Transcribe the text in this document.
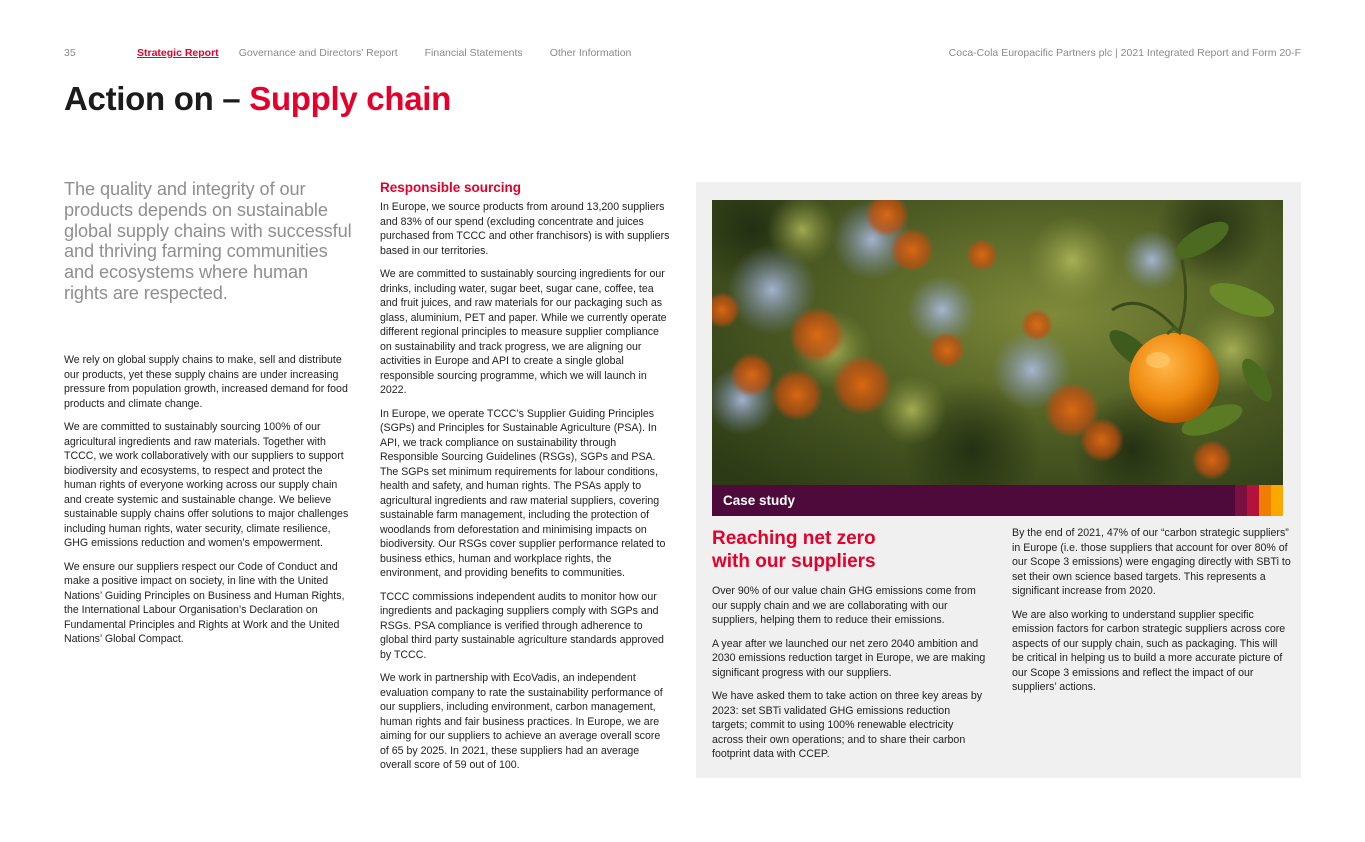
35	Strategic Report Governance and Directors’ Report	Financial Statements	Other Information	Coca-Cola Europacific Partners plc | 2021 Integrated Report and Form 20-F
Action on – Supply chain

The quality and integrity of our products depends on sustainable global supply chains with successful and thriving farming communities and ecosystems where human rights are respected.

We rely on global supply chains to make, sell and distribute our products, yet these supply chains are under increasing pressure from population growth, increased demand for food products and climate change.

We are committed to sustainably sourcing 100% of our agricultural ingredients and raw materials. Together with TCCC, we work collaboratively with our suppliers to support biodiversity and ecosystems, to respect and protect the human rights of everyone working across our supply chain and create systemic and sustainable change. We believe sustainable supply chains offer solutions to major challenges including human rights, water security, climate resilience, GHG emissions reduction and women’s empowerment.

We ensure our suppliers respect our Code of Conduct and make a positive impact on society, in line with the United Nations’ Guiding Principles on Business and Human Rights, the International Labour Organisation’s Declaration on Fundamental Principles and Rights at Work and the United Nations’ Global Compact.

Responsible sourcing

In Europe, we source products from around 13,200 suppliers and 83% of our spend (excluding concentrate and juices purchased from TCCC and other franchisors) is with suppliers based in our territories.

We are committed to sustainably sourcing ingredients for our drinks, including water, sugar beet, sugar cane, coffee, tea and fruit juices, and raw materials for our packaging such as glass, aluminium, PET and paper. While we currently operate different regional principles to measure supplier compliance on sustainability and track progress, we are aligning our activities in Europe and API to create a single global responsible sourcing programme, which we will launch in 2022.

In Europe, we operate TCCC’s Supplier Guiding Principles (SGPs) and Principles for Sustainable Agriculture (PSA). In API, we track compliance on sustainability through Responsible Sourcing Guidelines (RSGs), SGPs and PSA. The SGPs set minimum requirements for labour conditions, health and safety, and human rights. The PSAs apply to agricultural ingredients and raw material suppliers, covering sustainable farm management, including the protection of woodlands from deforestation and minimising impacts on biodiversity. Our RSGs cover supplier performance related to business ethics, human and workplace rights, the environment, and providing benefits to communities.

TCCC commissions independent audits to monitor how our ingredients and packaging suppliers comply with SGPs and RSGs. PSA compliance is verified through adherence to global third party sustainable agriculture standards approved by TCCC.

We work in partnership with EcoVadis, an independent evaluation company to rate the sustainability performance of our suppliers, including environment, carbon management, human rights and fair business practices. In Europe, we are aiming for our suppliers to achieve an average overall score of 65 by 2025. In 2021, these suppliers had an average overall score of 59 out of 100.

Case study
Reaching net zero
with our suppliers

Over 90% of our value chain GHG emissions come from our supply chain and we are collaborating with our suppliers, helping them to reduce their emissions.

A year after we launched our net zero 2040 ambition and 2030 emissions reduction target in Europe, we are making significant progress with our suppliers.

We have asked them to take action on three key areas by 2023: set SBTi validated GHG emissions reduction targets; commit to using 100% renewable electricity across their own operations; and to share their carbon footprint data with CCEP.

By the end of 2021, 47% of our “carbon strategic suppliers” in Europe (i.e. those suppliers that account for over 80% of our Scope 3 emissions) were engaging directly with SBTi to set their own science based targets. This represents a significant increase from 2020.

We are also working to understand supplier specific emission factors for carbon strategic suppliers across core aspects of our supply chain, such as packaging. This will be critical in helping us to build a more accurate picture of our Scope 3 emissions and reflect the impact of our suppliers’ actions.
